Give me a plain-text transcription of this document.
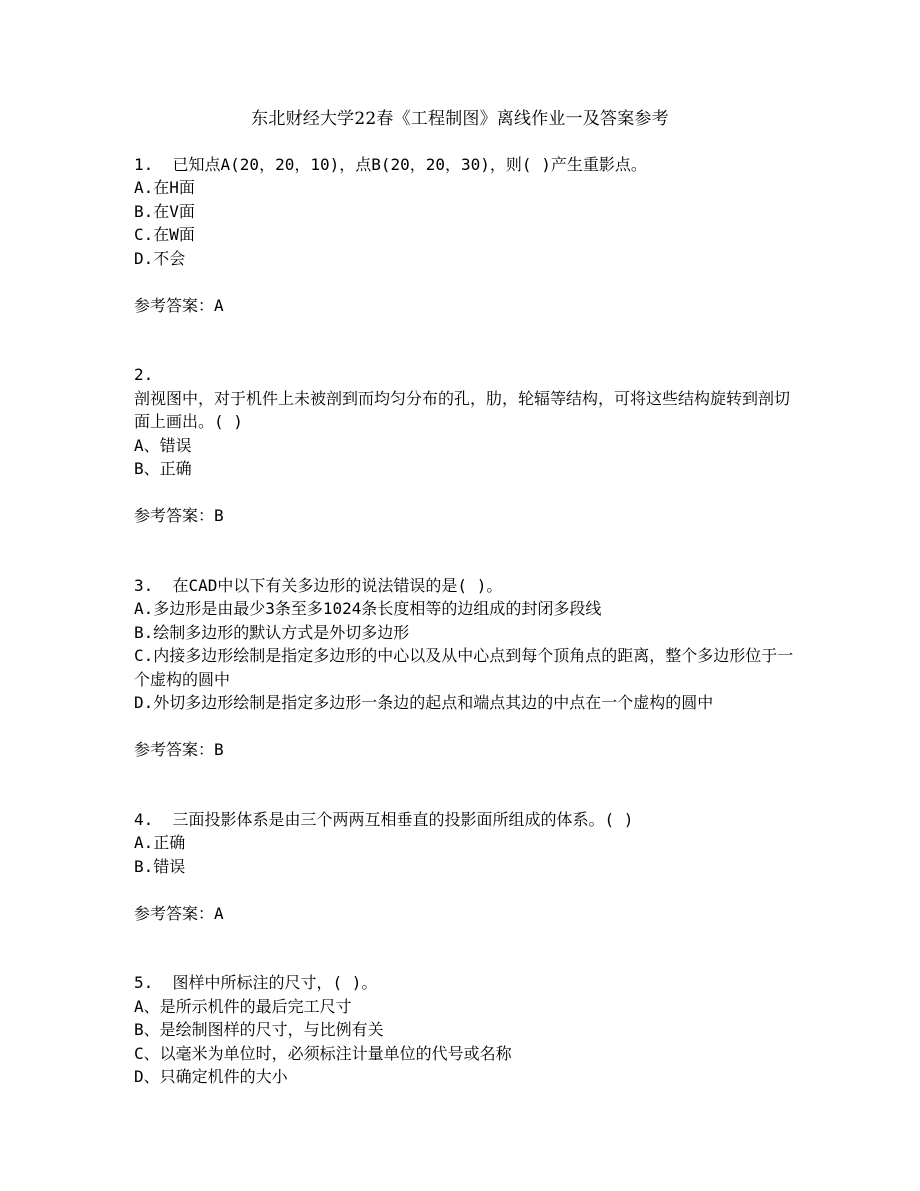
东北财经大学22春《工程制图》离线作业一及答案参考
1. 已知点A(20，20，10)，点B(20，20，30)，则( )产生重影点。
A.在H面
B.在V面
C.在W面
D.不会
参考答案：A
2.
剖视图中，对于机件上未被剖到而均匀分布的孔，肋，轮辐等结构，可将这些结构旋转到剖切面上画出。( )
A、错误
B、正确
参考答案：B
3. 在CAD中以下有关多边形的说法错误的是( )。
A.多边形是由最少3条至多1024条长度相等的边组成的封闭多段线
B.绘制多边形的默认方式是外切多边形
C.内接多边形绘制是指定多边形的中心以及从中心点到每个顶角点的距离，整个多边形位于一个虚构的圆中
D.外切多边形绘制是指定多边形一条边的起点和端点其边的中点在一个虚构的圆中
参考答案：B
4. 三面投影体系是由三个两两互相垂直的投影面所组成的体系。( )
A.正确
B.错误
参考答案：A
5. 图样中所标注的尺寸，( )。
A、是所示机件的最后完工尺寸
B、是绘制图样的尺寸，与比例有关
C、以毫米为单位时，必须标注计量单位的代号或名称
D、只确定机件的大小
